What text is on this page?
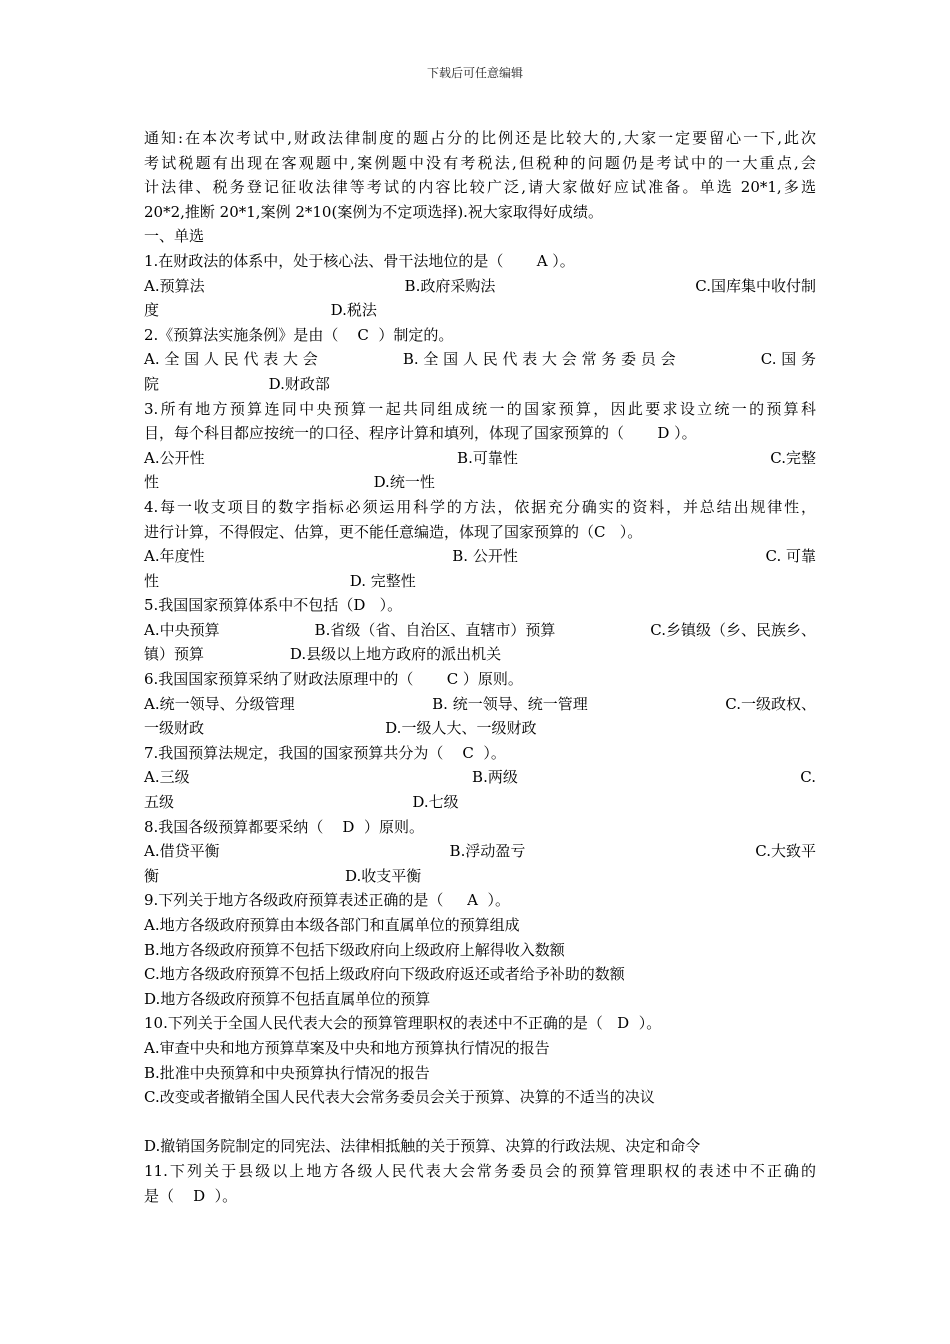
下载后可任意编辑

通知:在本次考试中,财政法律制度的题占分的比例还是比较大的,大家一定要留心一下,此次

考试税题有出现在客观题中,案例题中没有考税法,但税种的问题仍是考试中的一大重点,会

计法律、税务登记征收法律等考试的内容比较广泛,请大家做好应试准备。单选 20*1,多选

20*2,推断 20*1,案例 2*10(案例为不定项选择).祝大家取得好成绩。

一、单选

1.在财政法的体系中，处于核心法、骨干法地位的是（       A ）。

A.预算法	B.政府采购法	C.国库集中收付制

度                                    D.税法

2.《预算法实施条例》是由（    C  ）制定的。

A. 全 国 人 民 代 表 大 会	B. 全 国 人 民 代 表 大 会 常 务 委 员 会	C. 国 务

院                       D.财政部

3.所有地方预算连同中央预算一起共同组成统一的国家预算，因此要求设立统一的预算科

目，每个科目都应按统一的口径、程序计算和填列，体现了国家预算的（       D ）。

A.公开性	B.可靠性	C.完整

性                                             D.统一性

4.每一收支项目的数字指标必须运用科学的方法，依据充分确实的资料，并总结出规律性，

进行计算，不得假定、估算，更不能任意编造，体现了国家预算的（C   ）。

A.年度性	B. 公开性	C. 可靠

性                                        D. 完整性

5.我国国家预算体系中不包括（D   ）。

A.中央预算	B.省级（省、自治区、直辖市）预算	C.乡镇级（乡、民族乡、

镇）预算                  D.县级以上地方政府的派出机关

6.我国国家预算采纳了财政法原理中的（       C ）原则。

A.统一领导、分级管理	B. 统一领导、统一管理	C.一级政权、

一级财政                                      D.一级人大、一级财政

7.我国预算法规定，我国的国家预算共分为（    C  ）。

A.三级	B.两级	C.

五级                                                  D.七级

8.我国各级预算都要采纳（    D  ）原则。

A.借贷平衡	B.浮动盈亏	C.大致平

衡                                       D.收支平衡

9.下列关于地方各级政府预算表述正确的是（     A  ）。

A.地方各级政府预算由本级各部门和直属单位的预算组成

B.地方各级政府预算不包括下级政府向上级政府上解得收入数额

C.地方各级政府预算不包括上级政府向下级政府返还或者给予补助的数额

D.地方各级政府预算不包括直属单位的预算

10.下列关于全国人民代表大会的预算管理职权的表述中不正确的是（   D  ）。

A.审查中央和地方预算草案及中央和地方预算执行情况的报告

B.批准中央预算和中央预算执行情况的报告

C.改变或者撤销全国人民代表大会常务委员会关于预算、决算的不适当的决议

D.撤销国务院制定的同宪法、法律相抵触的关于预算、决算的行政法规、决定和命令

11.下列关于县级以上地方各级人民代表大会常务委员会的预算管理职权的表述中不正确的

是（    D  ）。
